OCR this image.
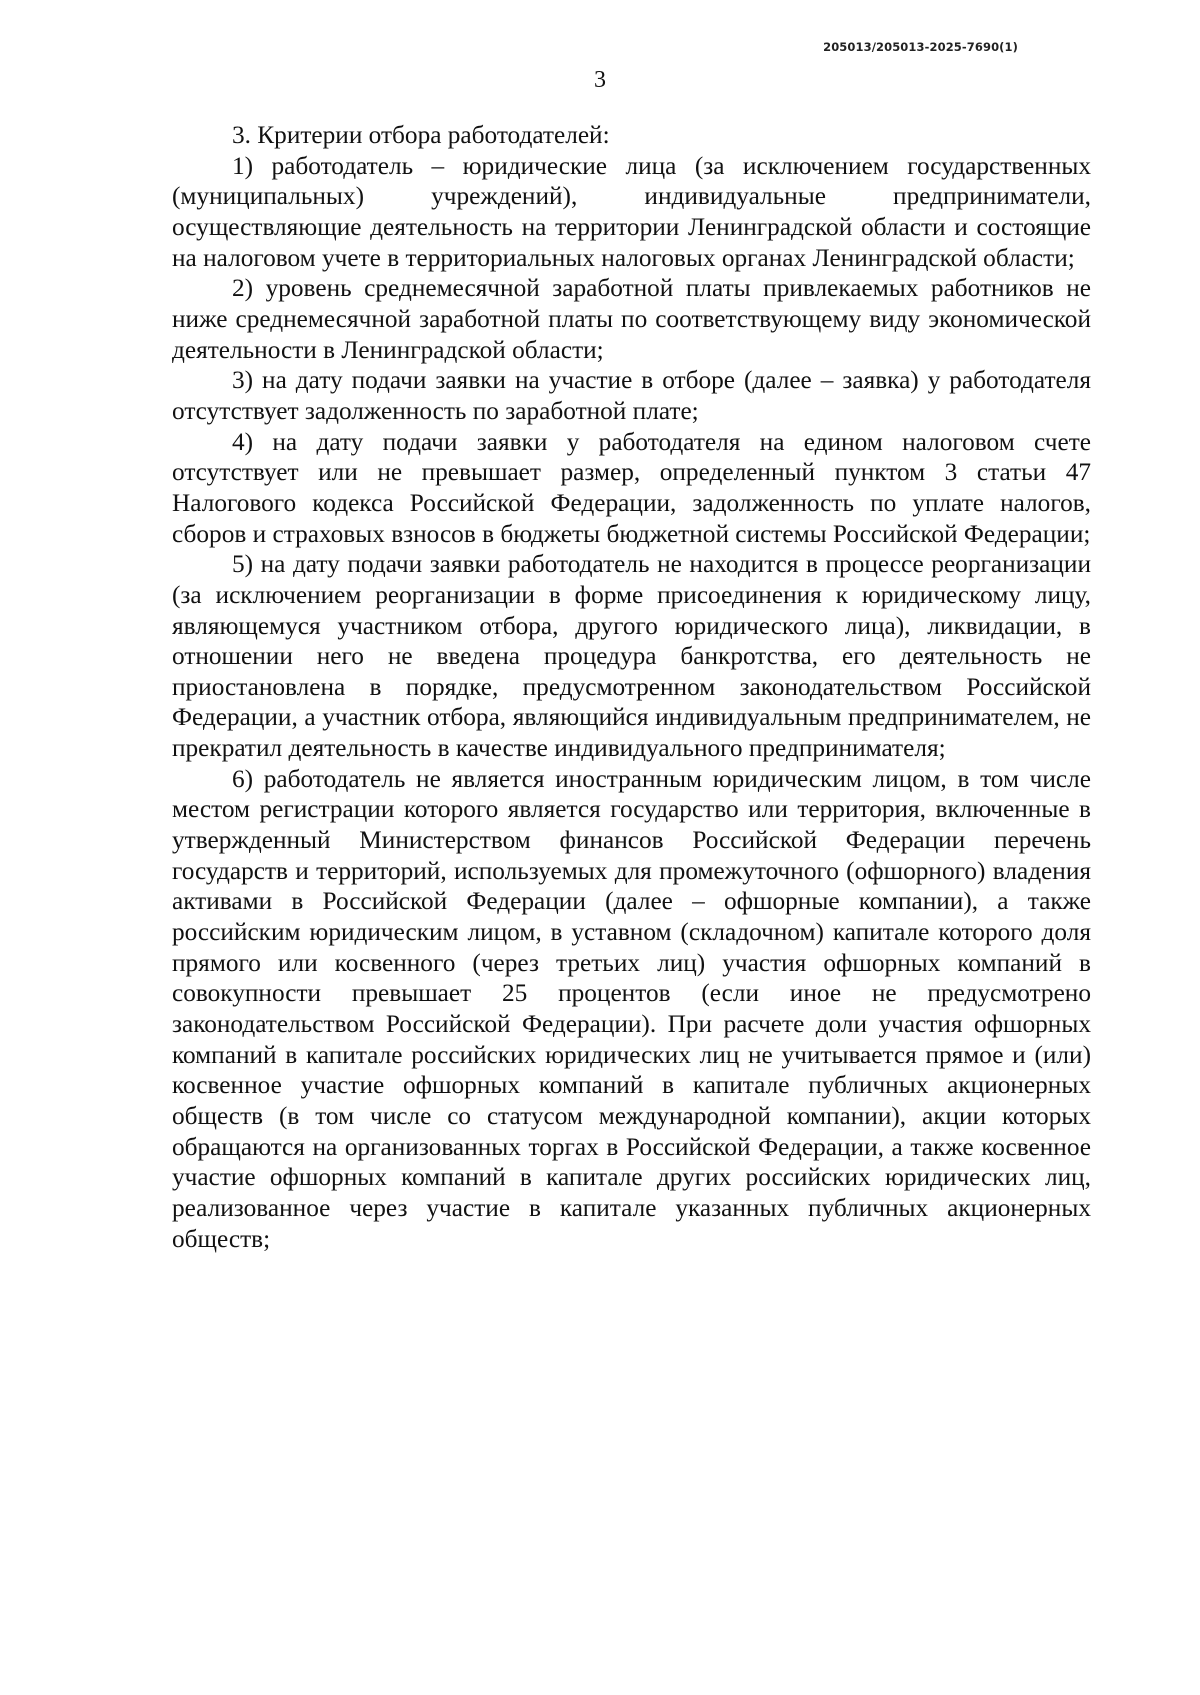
205013/205013-2025-7690(1)
3

3. Критерии отбора работодателей:

1) работодатель – юридические лица (за исключением государственных (муниципальных) учреждений), индивидуальные предприниматели, осуществляющие деятельность на территории Ленинградской области и состоящие на налоговом учете в территориальных налоговых органах Ленинградской области;

2) уровень среднемесячной заработной платы привлекаемых работников не ниже среднемесячной заработной платы по соответствующему виду экономической деятельности в Ленинградской области;

3) на дату подачи заявки на участие в отборе (далее – заявка) у работодателя отсутствует задолженность по заработной плате;

4) на дату подачи заявки у работодателя на едином налоговом счете отсутствует или не превышает размер, определенный пунктом 3 статьи 47 Налогового кодекса Российской Федерации, задолженность по уплате налогов, сборов и страховых взносов в бюджеты бюджетной системы Российской Федерации;

5) на дату подачи заявки работодатель не находится в процессе реорганизации (за исключением реорганизации в форме присоединения к юридическому лицу, являющемуся участником отбора, другого юридического лица), ликвидации, в отношении него не введена процедура банкротства, его деятельность не приостановлена в порядке, предусмотренном законодательством Российской Федерации, а участник отбора, являющийся индивидуальным предпринимателем, не прекратил деятельность в качестве индивидуального предпринимателя;

6) работодатель не является иностранным юридическим лицом, в том числе местом регистрации которого является государство или территория, включенные в утвержденный Министерством финансов Российской Федерации перечень государств и территорий, используемых для промежуточного (офшорного) владения активами в Российской Федерации (далее – офшорные компании), а также российским юридическим лицом, в уставном (складочном) капитале которого доля прямого или косвенного (через третьих лиц) участия офшорных компаний в совокупности превышает 25 процентов (если иное не предусмотрено законодательством Российской Федерации). При расчете доли участия офшорных компаний в капитале российских юридических лиц не учитывается прямое и (или) косвенное участие офшорных компаний в капитале публичных акционерных обществ (в том числе со статусом международной компании), акции которых обращаются на организованных торгах в Российской Федерации, а также косвенное участие офшорных компаний в капитале других российских юридических лиц, реализованное через участие в капитале указанных публичных акционерных обществ;
